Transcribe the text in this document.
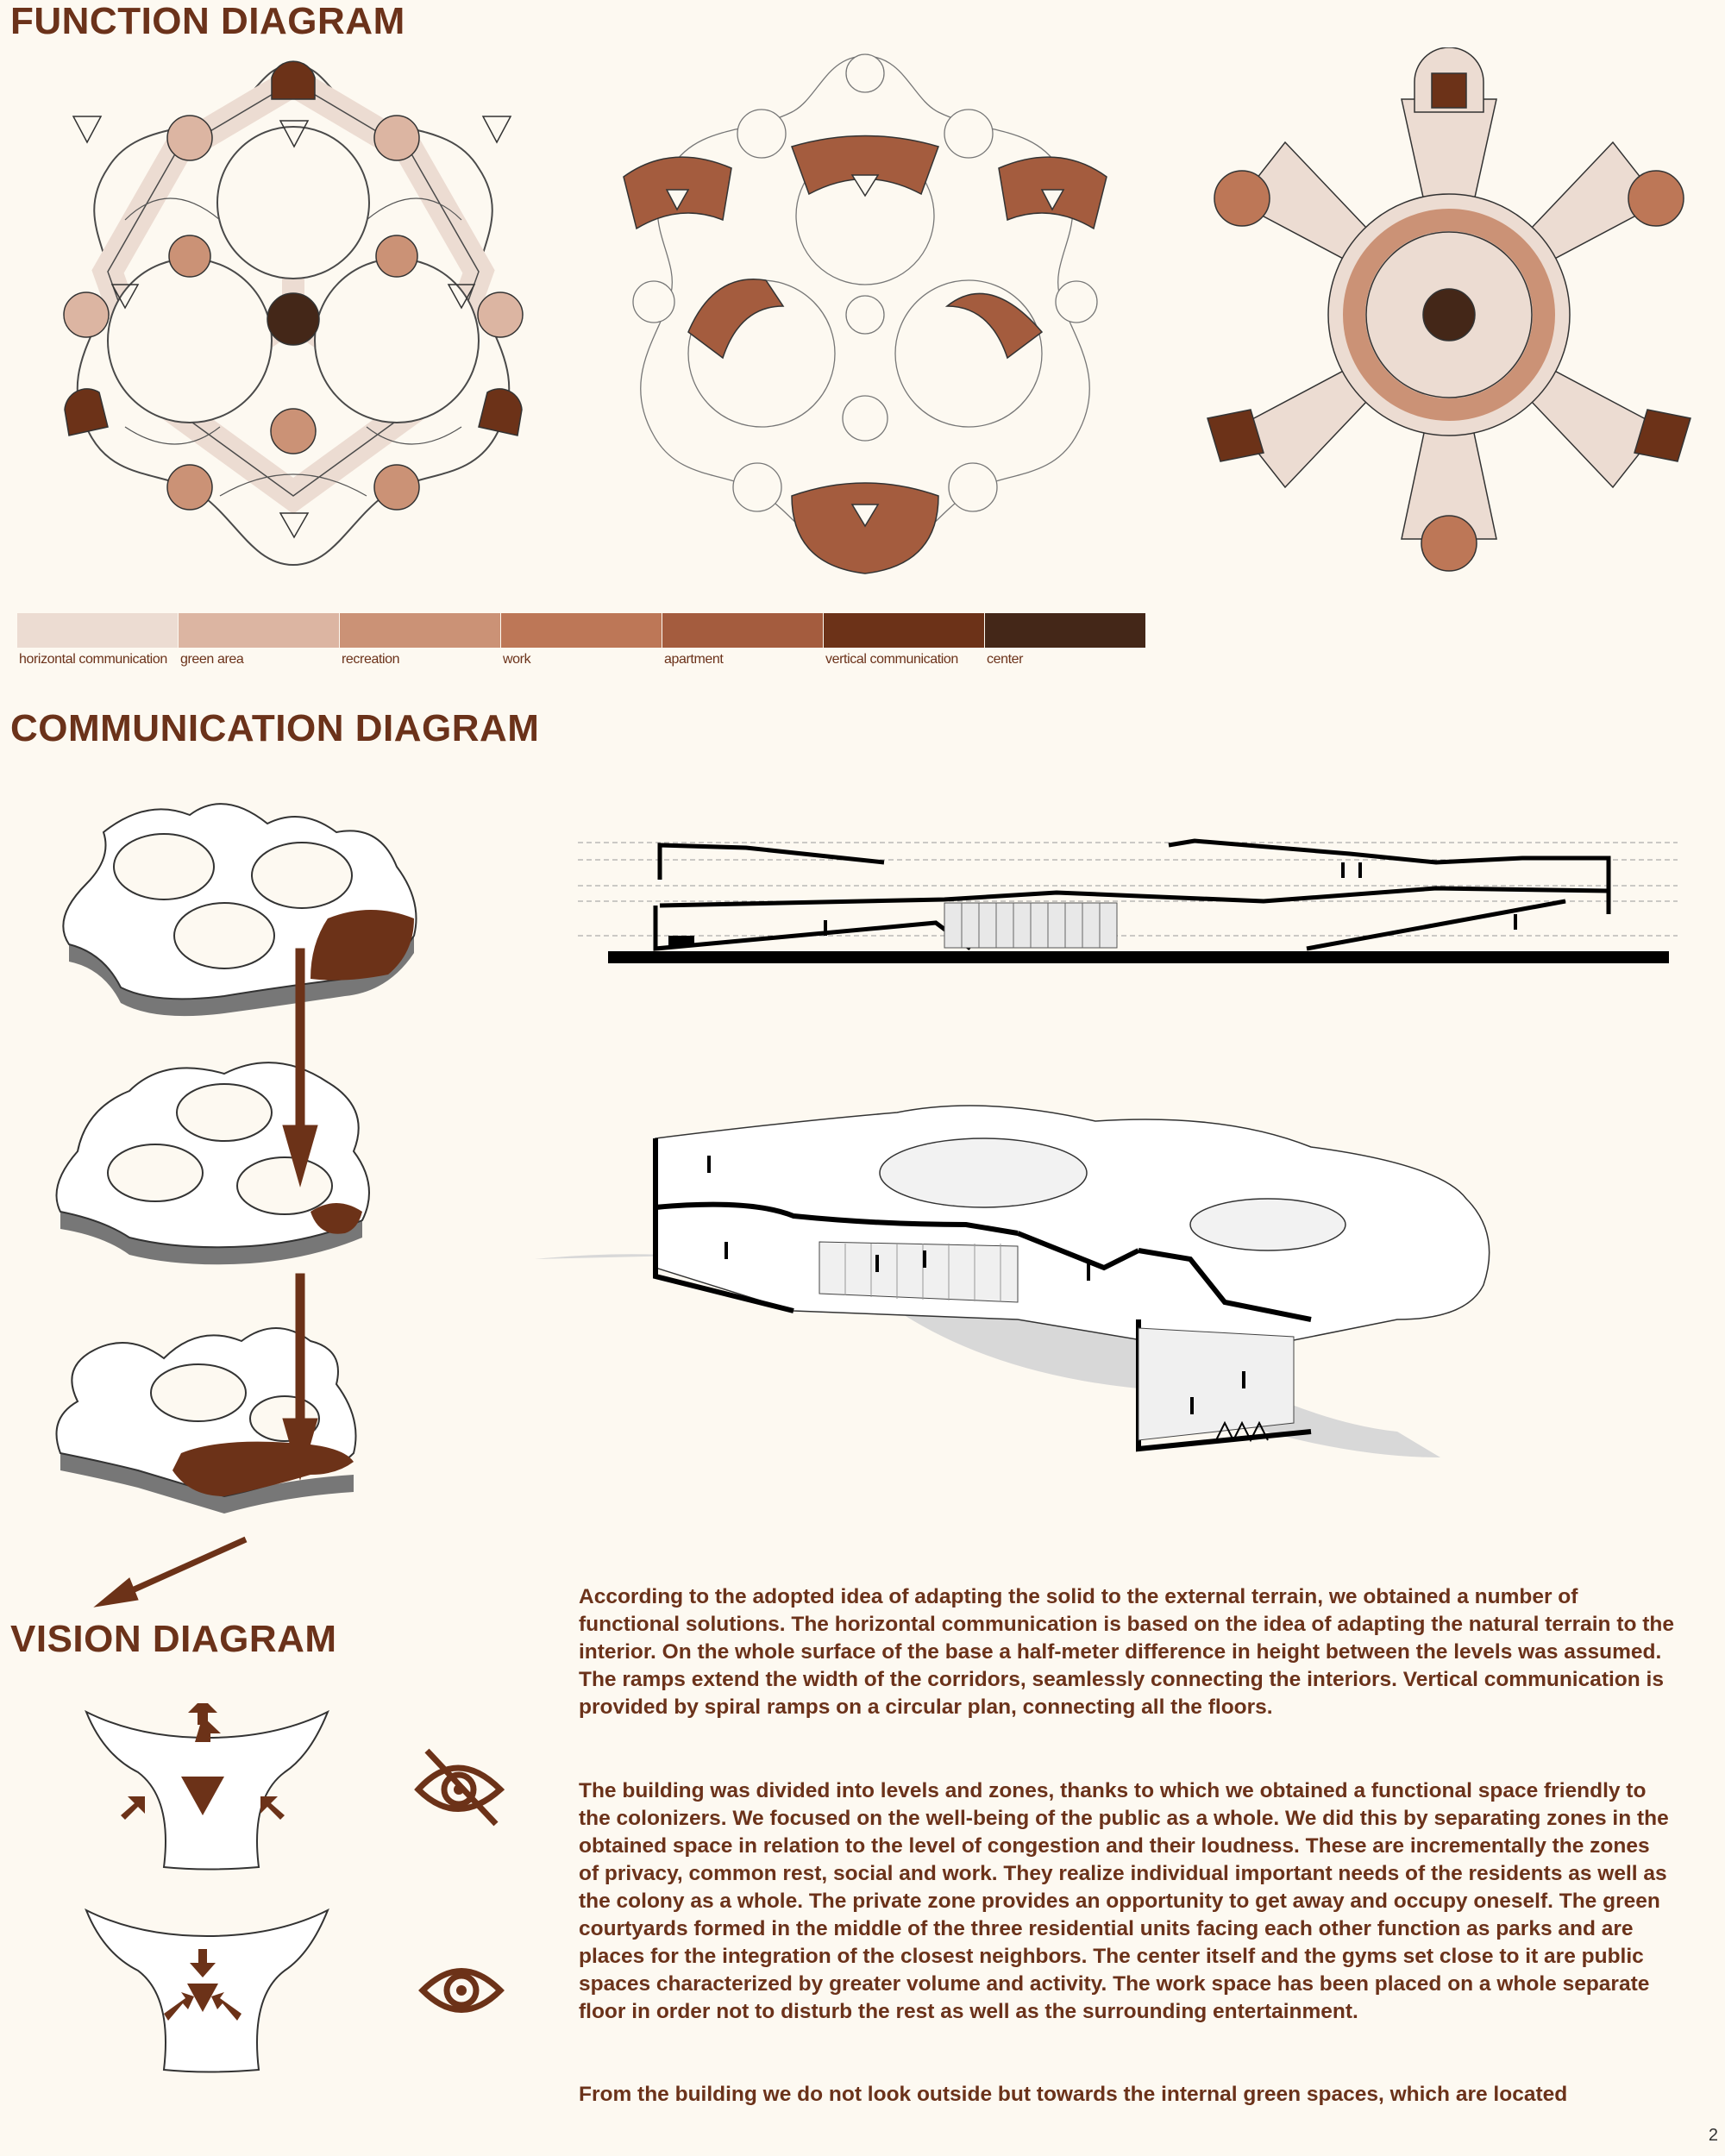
FUNCTION DIAGRAM
COMMUNICATION DIAGRAM
VISION DIAGRAM
horizontal communication green area	recreation	work	apartment	vertical communication	center

According to the adopted idea of adapting the solid to the external terrain, we obtained a number of functional solutions. The horizontal communication is based on the idea of adapting the natural terrain to the interior. On the whole surface of the base a half-meter difference in height between the levels was assumed. The ramps extend the width of the corridors, seamlessly connecting the interiors. Vertical communication is provided by spiral ramps on a circular plan, connecting all the floors.

The building was divided into levels and zones, thanks to which we obtained a functional space friendly to the colonizers. We focused on the well-being of the public as a whole. We did this by separating zones in the obtained space in relation to the level of congestion and their loudness. These are incrementally the zones of privacy, common rest, social and work. They realize individual important needs of the residents as well as the colony as a whole. The private zone provides an opportunity to get away and occupy oneself. The green courtyards formed in the middle of the three residential units facing each other function as parks and are places for the integration of the closest neighbors. The center itself and the gyms set close to it are public spaces characterized by greater volume and activity. The work space has been placed on a whole separate floor in order not to disturb the rest as well as the surrounding entertainment.

From the building we do not look outside but towards the internal green spaces, which are located

2
